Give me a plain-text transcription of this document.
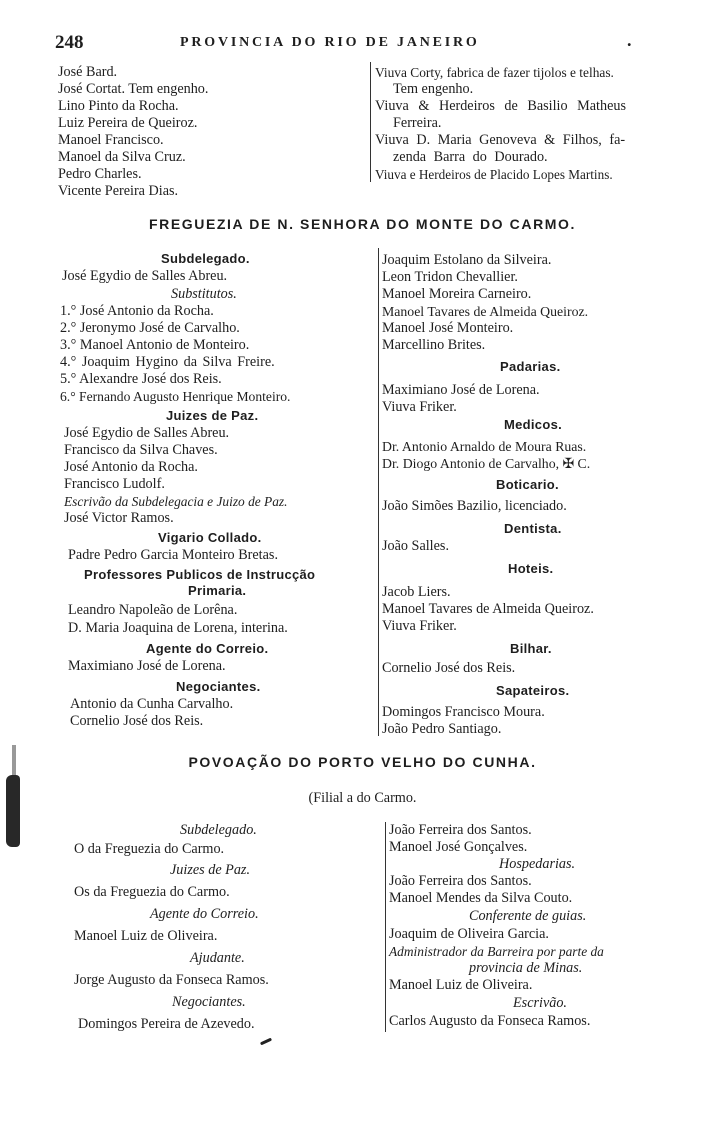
248	PROVINCIA DO RIO DE JANEIRO	.
José Bard.
José Cortat. Tem engenho.
Lino Pinto da Rocha.
Luiz Pereira de Queiroz.
Manoel Francisco.
Manoel da Silva Cruz.
Pedro Charles.
Vicente Pereira Dias.
Viuva Corty, fabrica de fazer tijolos e telhas.
Tem engenho.
Viuva & Herdeiros de Basilio Matheus
Ferreira.
Viuva D. Maria Genoveva & Filhos, fa-
zenda Barra do Dourado.
Viuva e Herdeiros de Placido Lopes Martins.
FREGUEZIA DE N. SENHORA DO MONTE DO CARMO.
Subdelegado.
José Egydio de Salles Abreu.
Substitutos.
1.° José Antonio da Rocha.
2.° Jeronymo José de Carvalho.
3.° Manoel Antonio de Monteiro.
4.° Joaquim Hygino da Silva Freire.
5.° Alexandre José dos Reis.
6.° Fernando Augusto Henrique Monteiro.
Juizes de Paz.
José Egydio de Salles Abreu.
Francisco da Silva Chaves.
José Antonio da Rocha.
Francisco Ludolf.
Escrivão da Subdelegacia e Juizo de Paz.
José Victor Ramos.
Vigario Collado.
Padre Pedro Garcia Monteiro Bretas.
Professores Publicos de Instrucção
Primaria.
Leandro Napoleão de Lorêna.
D. Maria Joaquina de Lorena, interina.
Agente do Correio.
Maximiano José de Lorena.
Negociantes.
Antonio da Cunha Carvalho.
Cornelio José dos Reis.
Joaquim Estolano da Silveira.
Leon Tridon Chevallier.
Manoel Moreira Carneiro.
Manoel Tavares de Almeida Queiroz.
Manoel José Monteiro.
Marcellino Brites.
Padarias.
Maximiano José de Lorena.
Viuva Friker.
Medicos.
Dr. Antonio Arnaldo de Moura Ruas.
Dr. Diogo Antonio de Carvalho, ✠ C.
Boticario.
João Simões Bazilio, licenciado.
Dentista.
João Salles.
Hoteis.
Jacob Liers.
Manoel Tavares de Almeida Queiroz.
Viuva Friker.
Bilhar.
Cornelio José dos Reis.
Sapateiros.
Domingos Francisco Moura.
João Pedro Santiago.
POVOAÇÃO DO PORTO VELHO DO CUNHA.
(Filial a do Carmo.
Subdelegado.
O da Freguezia do Carmo.
Juizes de Paz.
Os da Freguezia do Carmo.
Agente do Correio.
Manoel Luiz de Oliveira.
Ajudante.
Jorge Augusto da Fonseca Ramos.
Negociantes.
Domingos Pereira de Azevedo.
João Ferreira dos Santos.
Manoel José Gonçalves.
Hospedarias.
João Ferreira dos Santos.
Manoel Mendes da Silva Couto.
Conferente de guias.
Joaquim de Oliveira Garcia.
Administrador da Barreira por parte da
provincia de Minas.
Manoel Luiz de Oliveira.
Escrivão.
Carlos Augusto da Fonseca Ramos.
